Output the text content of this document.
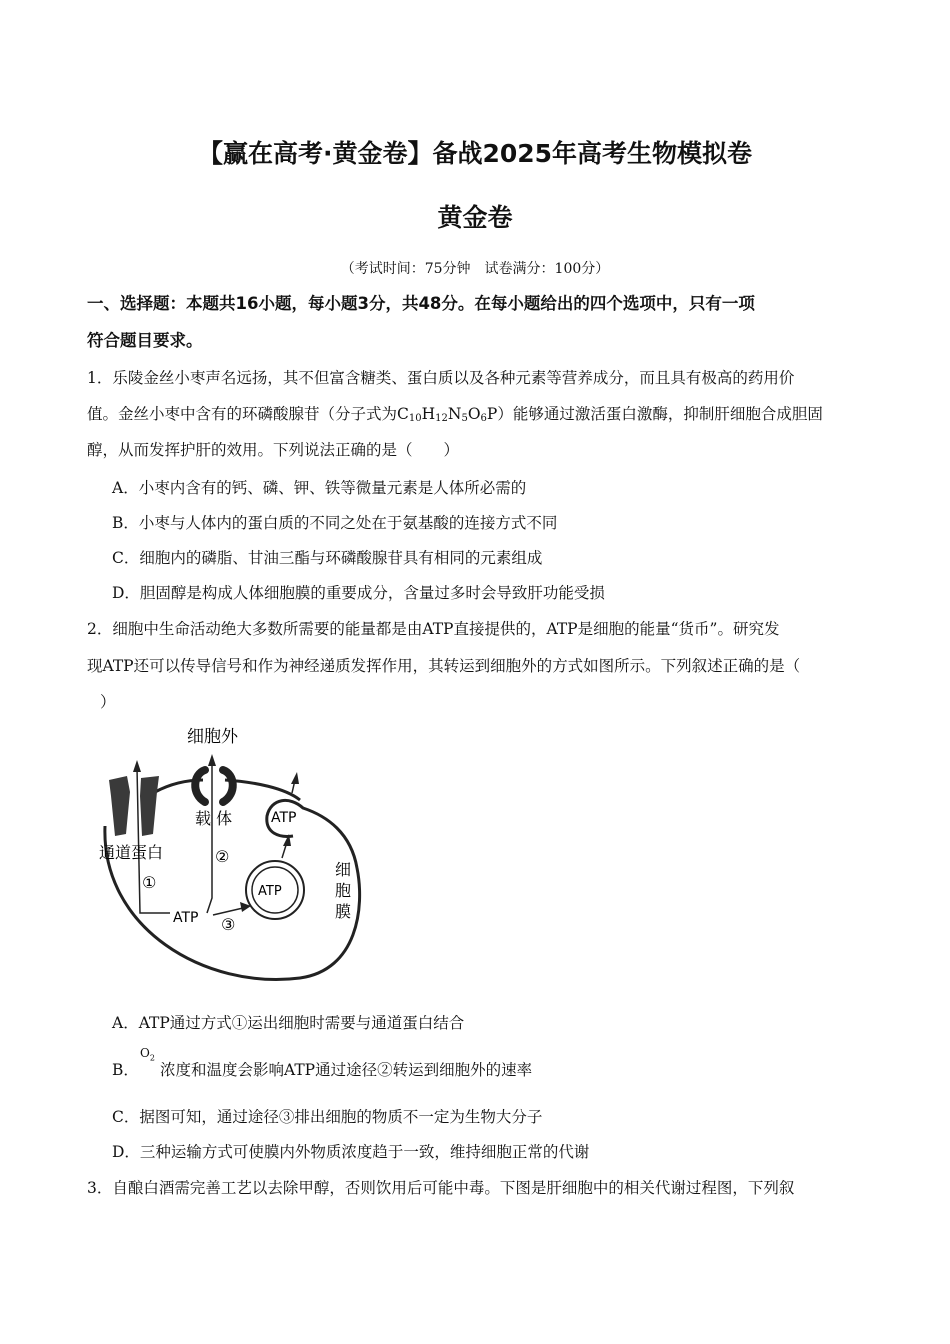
【赢在高考·黄金卷】备战2025年高考生物模拟卷
黄金卷
（考试时间：75分钟　试卷满分：100分）
一、选择题：本题共16小题，每小题3分，共48分。在每小题给出的四个选项中，只有一项
符合题目要求。
1．乐陵金丝小枣声名远扬，其不但富含糖类、蛋白质以及各种元素等营养成分，而且具有极高的药用价
值。金丝小枣中含有的环磷酸腺苷（分子式为$C_{10}H_{12}N_5O_6P$）能够通过激活蛋白激酶，抑制肝细胞合成胆固
醇，从而发挥护肝的效用。下列说法正确的是（　　）
A．小枣内含有的钙、磷、钾、铁等微量元素是人体所必需的
B．小枣与人体内的蛋白质的不同之处在于氨基酸的连接方式不同
C．细胞内的磷脂、甘油三酯与环磷酸腺苷具有相同的元素组成
D．胆固醇是构成人体细胞膜的重要成分，含量过多时会导致肝功能受损
2．细胞中生命活动绝大多数所需要的能量都是由ATP直接提供的，ATP是细胞的能量“货币”。研究发
现ATP还可以传导信号和作为神经递质发挥作用，其转运到细胞外的方式如图所示。下列叙述正确的是（
）
细胞外
载 体
通道蛋白
细
胞
膜
ATP
ATP
ATP
①
②
③
A．ATP通过方式①运出细胞时需要与通道蛋白结合
B．
$O_2$
浓度和温度会影响ATP通过途径②转运到细胞外的速率
C．据图可知，通过途径③排出细胞的物质不一定为生物大分子
D．三种运输方式可使膜内外物质浓度趋于一致，维持细胞正常的代谢
3．自酿白酒需完善工艺以去除甲醇，否则饮用后可能中毒。下图是肝细胞中的相关代谢过程图，下列叙
